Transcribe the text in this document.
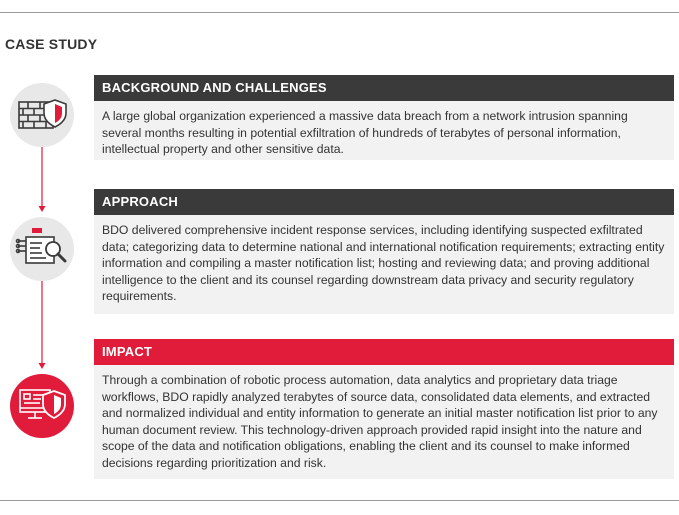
CASE STUDY
BACKGROUND AND CHALLENGES
A large global organization experienced a massive data breach from a network intrusion spanning several months resulting in potential exfiltration of hundreds of terabytes of personal information, intellectual property and other sensitive data.
APPROACH
BDO delivered comprehensive incident response services, including identifying suspected exfiltrated data; categorizing data to determine national and international notification requirements; extracting entity information and compiling a master notification list; hosting and reviewing data; and proving additional intelligence to the client and its counsel regarding downstream data privacy and security regulatory requirements.
IMPACT
Through a combination of robotic process automation, data analytics and proprietary data triage workflows, BDO rapidly analyzed terabytes of source data, consolidated data elements, and extracted and normalized individual and entity information to generate an initial master notification list prior to any human document review. This technology-driven approach provided rapid insight into the nature and scope of the data and notification obligations, enabling the client and its counsel to make informed decisions regarding prioritization and risk.
